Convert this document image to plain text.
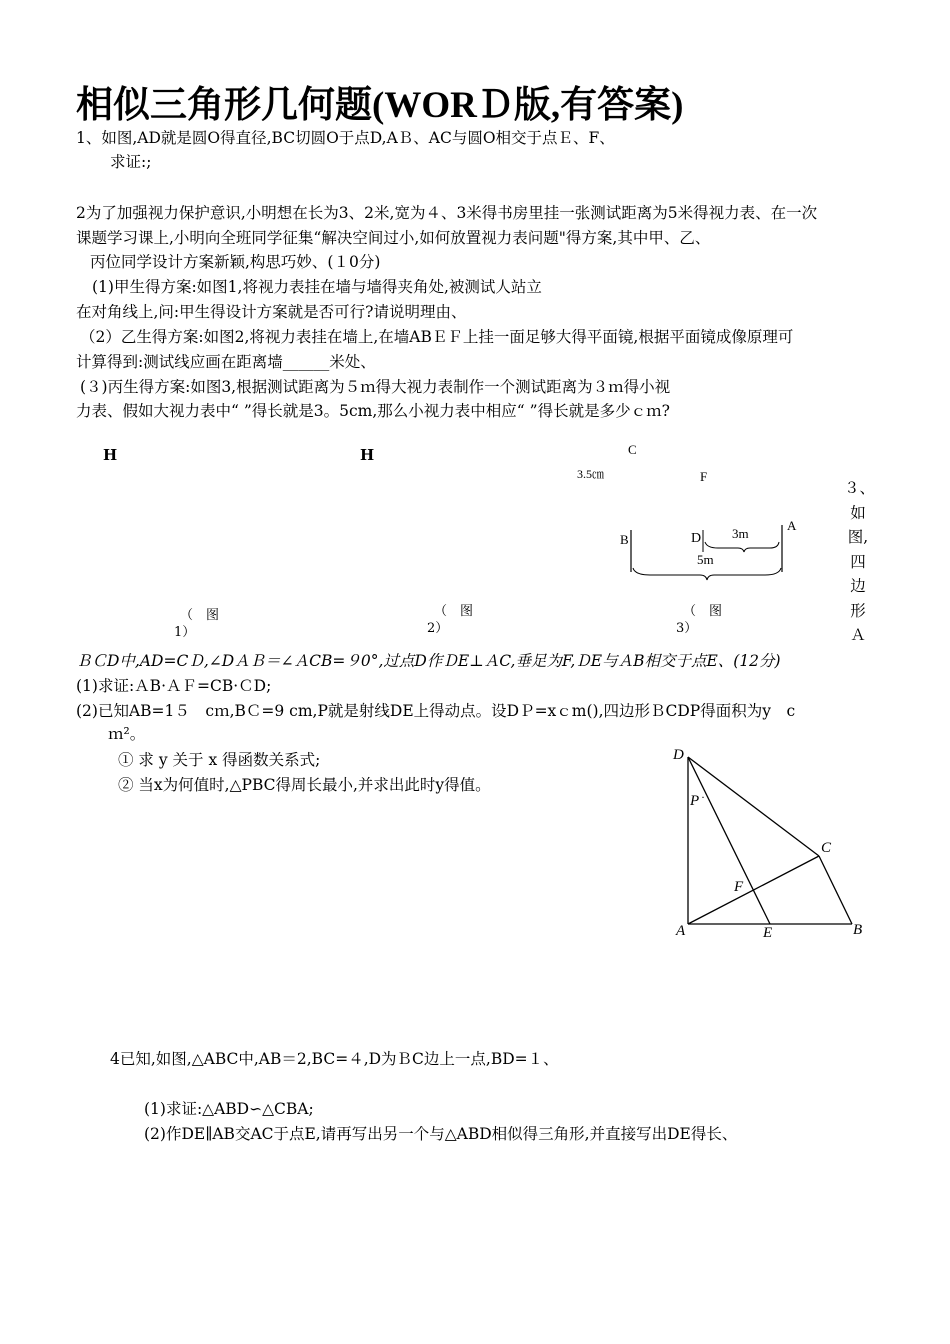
相似三角形几何题(WORＤ版,有答案)
1、如图,AD就是圆O得直径,BC切圆O于点D,AＢ、AC与圆O相交于点Ｅ、F、
求证:;
2为了加强视力保护意识,小明想在长为3、2米,宽为４、3米得书房里挂一张测试距离为5米得视力表、在一次
课题学习课上,小明向全班同学征集“解决空间过小,如何放置视力表问题"得方案,其中甲、乙、
丙位同学设计方案新颖,构思巧妙、(１0分)
(1)甲生得方案:如图1,将视力表挂在墙与墙得夹角处,被测试人站立
在对角线上,问:甲生得设计方案就是否可行?请说明理由、
（2）乙生得方案:如图2,将视力表挂在墙上,在墙ABＥＦ上挂一面足够大得平面镜,根据平面镜成像原理可
计算得到:测试线应画在距离墙______米处、
(３)丙生得方案:如图3,根据测试距离为５ｍ得大视力表制作一个测试距离为３ｍ得小视
力表、假如大视力表中“ ”得长就是3。5cm,那么小视力表中相应“ ”得长就是多少ｃｍ?
H	H	C
3.5㎝	F
B	D
A
3m
5m
（　图
1）
（　图
2）
（　图
3）
３、如图,四边形Ａ
ＢＣD中,AD=CＤ,∠DＡＢ＝∠ＡCB=９0°,过点D作ＤE⊥ＡC,垂足为F,ＤE与ＡB相交于点E、(12分)
(1)求证:ＡB·ＡＦ=CB·ＣD;
(2)已知AB=1５　cｍ,BＣ=9 cm,P就是射线DE上得动点。设DＰ=xｃm(),四边形ＢCDP得面积为y　c
ｍ²。
① 求 y 关于 x 得函数关系式;
② 当x为何值时,△PBC得周长最小,并求出此时y得值。
D
P ·
C
F
A	E	B
4已知,如图,△ABC中,AB＝2,BC=４,D为ＢC边上一点,BD=１、
(1)求证:△ABD∽△CBA;
(2)作DE∥AB交AC于点E,请再写出另一个与△ABD相似得三角形,并直接写出DE得长、
